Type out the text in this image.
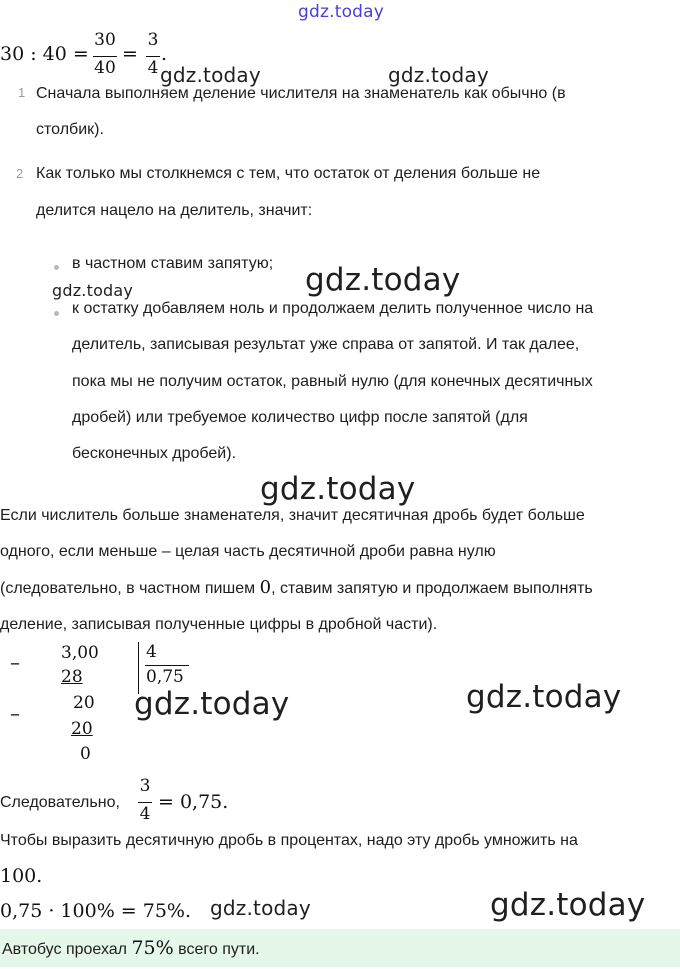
gdz.today
30 : 40 =
30
40
=
3
4
.
gdz.today	gdz.today
1 Сначала выполняем деление числителя на знаменатель как обычно (в
столбик).
2 Как только мы столкнемся с тем, что остаток от деления больше не
делится нацело на делитель, значит:
в частном ставим запятую; gdz.today
gdz.today
к остатку добавляем ноль и продолжаем делить полученное число на
делитель, записывая результат уже справа от запятой. И так далее,
пока мы не получим остаток, равный нулю (для конечных десятичных
дробей) или требуемое количество цифр после запятой (для
бесконечных дробей).
gdz.today
Если числитель больше знаменателя, значит десятичная дробь будет больше
одного, если меньше – целая часть десятичной дроби равна нулю
(следовательно, в частном пишем 0, ставим запятую и продолжаем выполнять
деление, записывая полученные цифры в дробной части).
–
–
3,00
28
20
20
0
4
0,75
gdz.today	gdz.today
Следовательно,
3
4
= 0,75.
Чтобы выразить десятичную дробь в процентах, надо эту дробь умножить на
100.
0,75 · 100% = 75%. gdz.today	gdz.today
Автобус проехал 75% всего пути.
